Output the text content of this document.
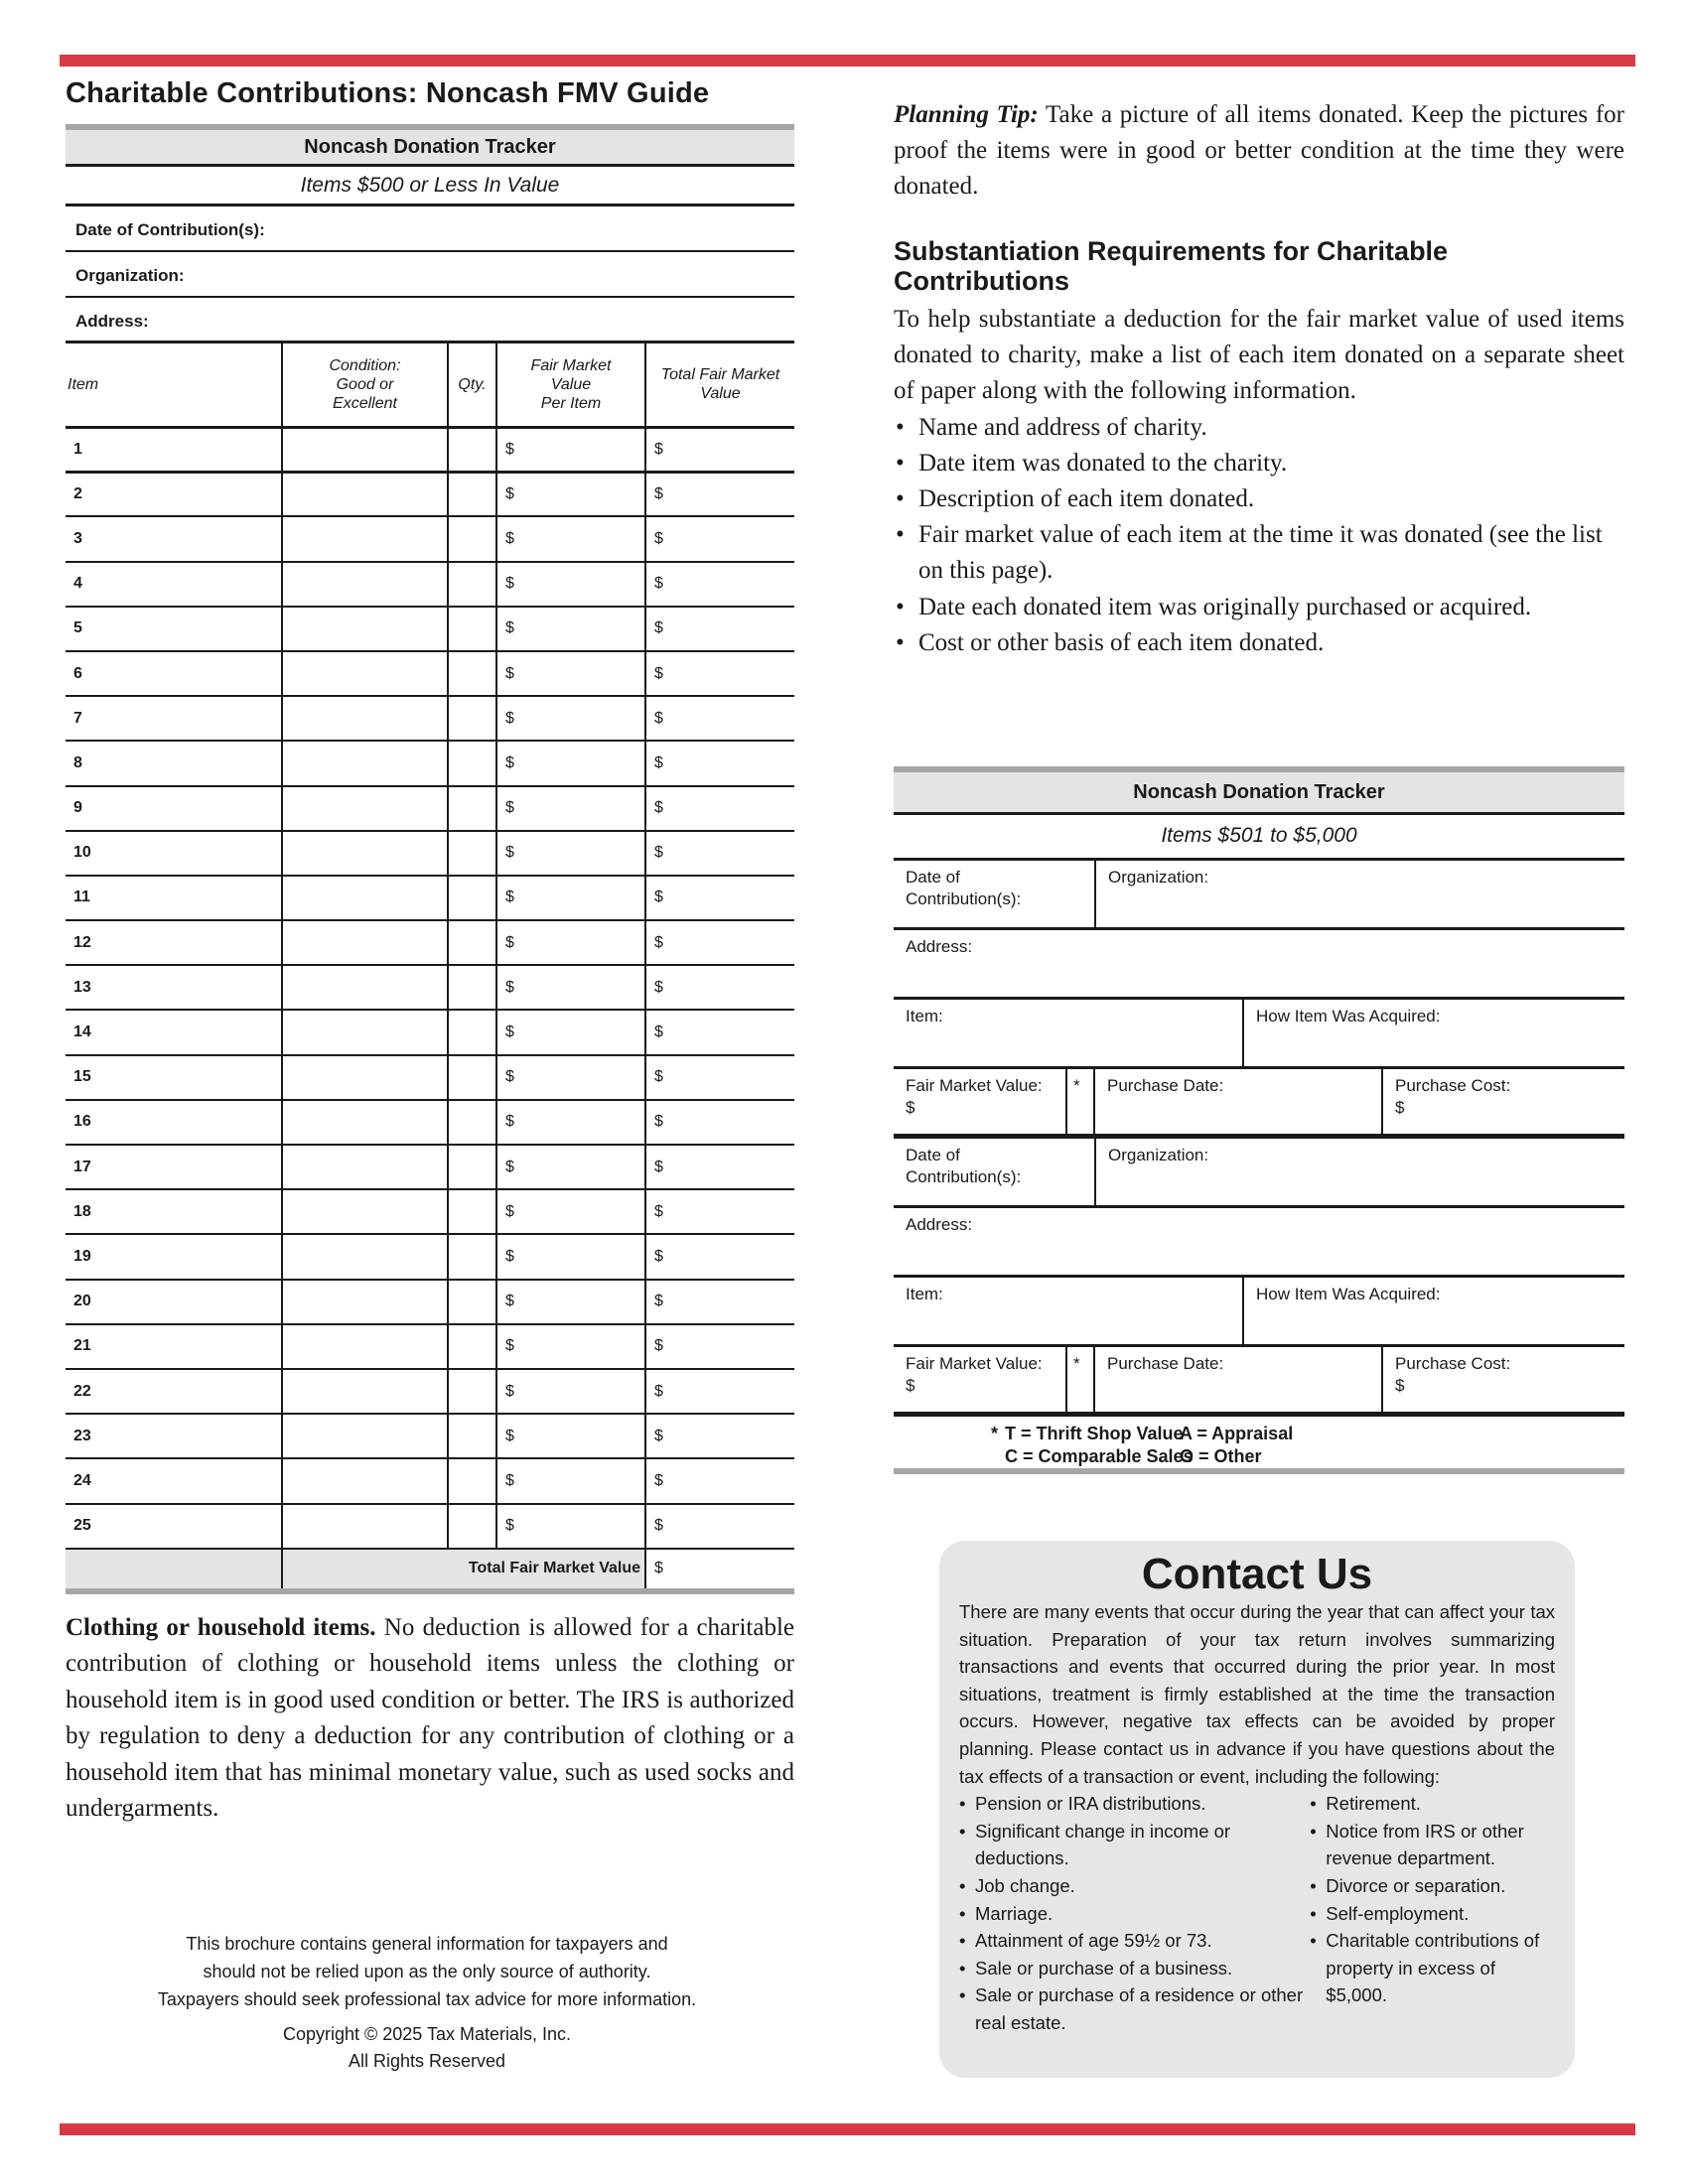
Charitable Contributions: Noncash FMV Guide
Noncash Donation Tracker
Items $500 or Less In Value
Date of Contribution(s):
Organization:
Address:
Item	Condition:
Good or
Excellent	Qty.	Fair Market
Value
Per Item	Total Fair Market
Value
1			$	$
2			$	$
3			$	$
4			$	$
5			$	$
6			$	$
7			$	$
8			$	$
9			$	$
10			$	$
11			$	$
12			$	$
13			$	$
14			$	$
15			$	$
16			$	$
17			$	$
18			$	$
19			$	$
20			$	$
21			$	$
22			$	$
23			$	$
24			$	$
25			$	$
	Total Fair Market Value			$

Clothing or household items. No deduction is allowed for a charitable contribution of clothing or household items unless the clothing or household item is in good used condition or better. The IRS is authorized by regulation to deny a deduction for any contribution of clothing or a household item that has minimal monetary value, such as used socks and undergarments.

This brochure contains general information for taxpayers and
should not be relied upon as the only source of authority.
Taxpayers should seek professional tax advice for more information.
Copyright © 2025 Tax Materials, Inc.
All Rights Reserved

Planning Tip: Take a picture of all items donated. Keep the pictures for proof the items were in good or better condition at the time they were donated.

Substantiation Requirements for Charitable Contributions

To help substantiate a deduction for the fair market value of used items donated to charity, make a list of each item donated on a separate sheet of paper along with the following information.

• Name and address of charity.
• Date item was donated to the charity.
• Description of each item donated.
• Fair market value of each item at the time it was donated (see the list on this page).
• Date each donated item was originally purchased or acquired.
• Cost or other basis of each item donated.
Noncash Donation Tracker
Items $501 to $5,000
Date of
Contribution(s):
Organization:
Address:
Item:	How Item Was Acquired:
Fair Market Value:
$
*	Purchase Date:	Purchase Cost:
$
Date of
Contribution(s):
Organization:
Address:
Item:	How Item Was Acquired:
Fair Market Value:
$
*	Purchase Date:	Purchase Cost:
$
* T = Thrift Shop Value
C = Comparable Sales
A = Appraisal
O = Other
Contact Us

There are many events that occur during the year that can affect your tax situation. Preparation of your tax return involves summarizing transactions and events that occurred during the prior year. In most situations, treatment is firmly established at the time the transaction occurs. However, negative tax effects can be avoided by proper planning. Please contact us in advance if you have questions about the tax effects of a transaction or event, including the following:

• Pension or IRA distributions.
• Significant change in income or deductions.
• Job change.
• Marriage.
• Attainment of age 59½ or 73.
• Sale or purchase of a business.
• Sale or purchase of a residence or other real estate.
• Retirement.
• Notice from IRS or other revenue department.
• Divorce or separation.
• Self-employment.
• Charitable contributions of property in excess of $5,000.
